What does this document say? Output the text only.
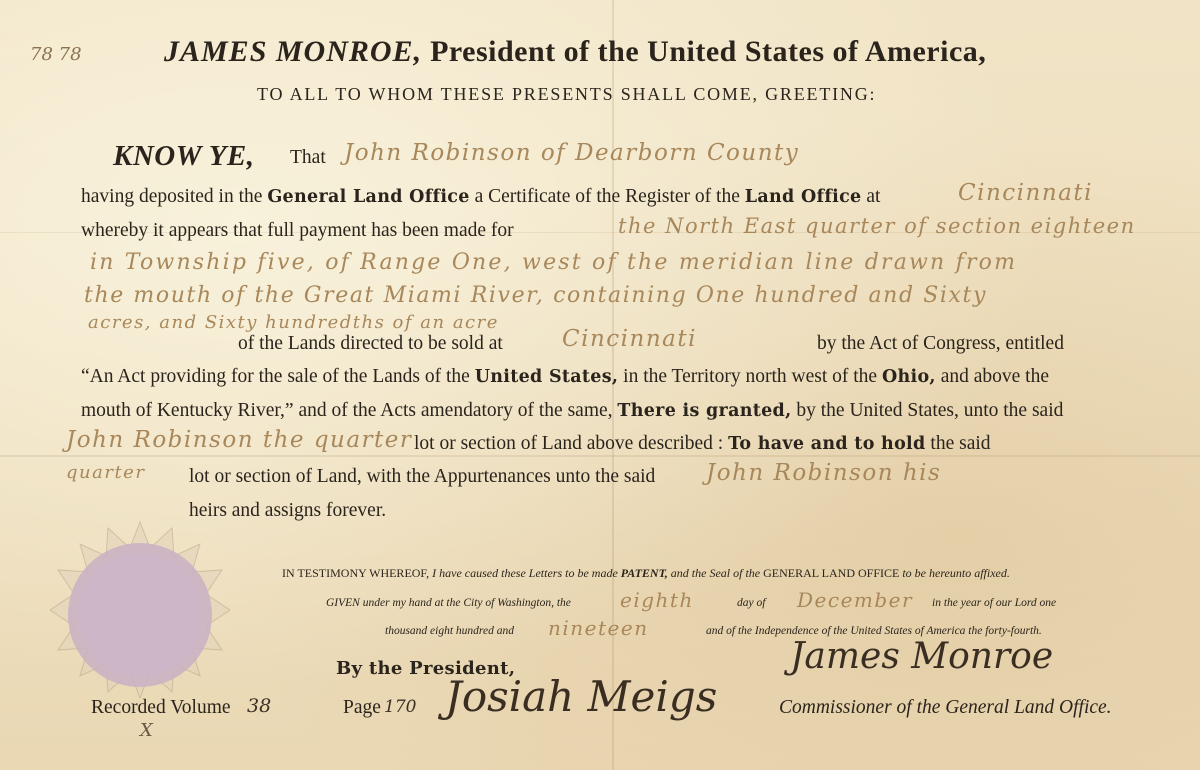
78 78	JAMES MONROE, President of the United States of America,
TO ALL TO WHOM THESE PRESENTS SHALL COME, GREETING:
KNOW YE, That John Robinson of Dearborn County
having deposited in the General Land Office a Certificate of the Register of the Land Office at	Cincinnati
whereby it appears that full payment has been made for	the North East quarter of section eighteen
in Township five, of Range One, west of the meridian line drawn from
the mouth of the Great Miami River, containing One hundred and Sixty
acres, and Sixty hundredths of an acre
of the Lands directed to be sold at	Cincinnati	by the Act of Congress, entitled
“An Act providing for the sale of the Lands of the United States, in the Territory north west of the Ohio, and above the
mouth of Kentucky River,” and of the Acts amendatory of the same, There is granted, by the United States, unto the said
John Robinson the quarter lot or section of Land above described : To have and to hold the said
quarter lot or section of Land, with the Appurtenances unto the said John Robinson his
heirs and assigns forever.
IN TESTIMONY WHEREOF, I have caused these Letters to be made PATENT, and the Seal of the GENERAL LAND OFFICE to be hereunto affixed.
GIVEN under my hand at the City of Washington, the eighth	day of December in the year of our Lord one
thousand eight hundred and nineteen	and of the Independence of the United States of America the forty-fourth.
By the President,	James Monroe
Recorded Volume 38	Page 170 Josiah Meigs	Commissioner of the General Land Office.
X
